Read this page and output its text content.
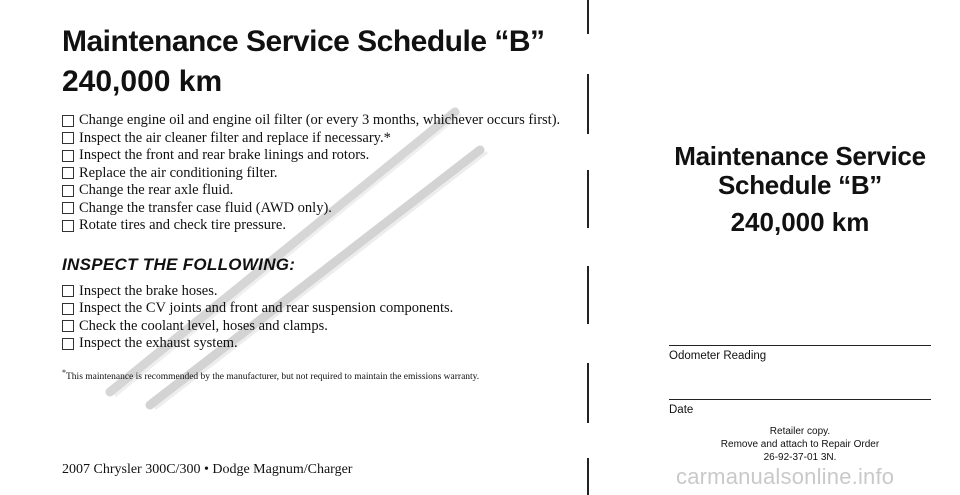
Maintenance Service Schedule “B”
240,000 km
Change engine oil and engine oil filter (or every 3 months, whichever occurs first).
Inspect the air cleaner filter and replace if necessary.*
Inspect the front and rear brake linings and rotors.
Replace the air conditioning filter.
Change the rear axle fluid.
Change the transfer case fluid (AWD only).
Rotate tires and check tire pressure.
INSPECT THE FOLLOWING:
Inspect the brake hoses.
Inspect the CV joints and front and rear suspension components.
Check the coolant level, hoses and clamps.
Inspect the exhaust system.
*This maintenance is recommended by the manufacturer, but not required to maintain the emissions warranty.
2007 Chrysler 300C/300 • Dodge Magnum/Charger
Maintenance Service
Schedule “B”
240,000 km
Odometer Reading
Date
Retailer copy.
Remove and attach to Repair Order
26-92-37-01 3N.
carmanualsonline.info
